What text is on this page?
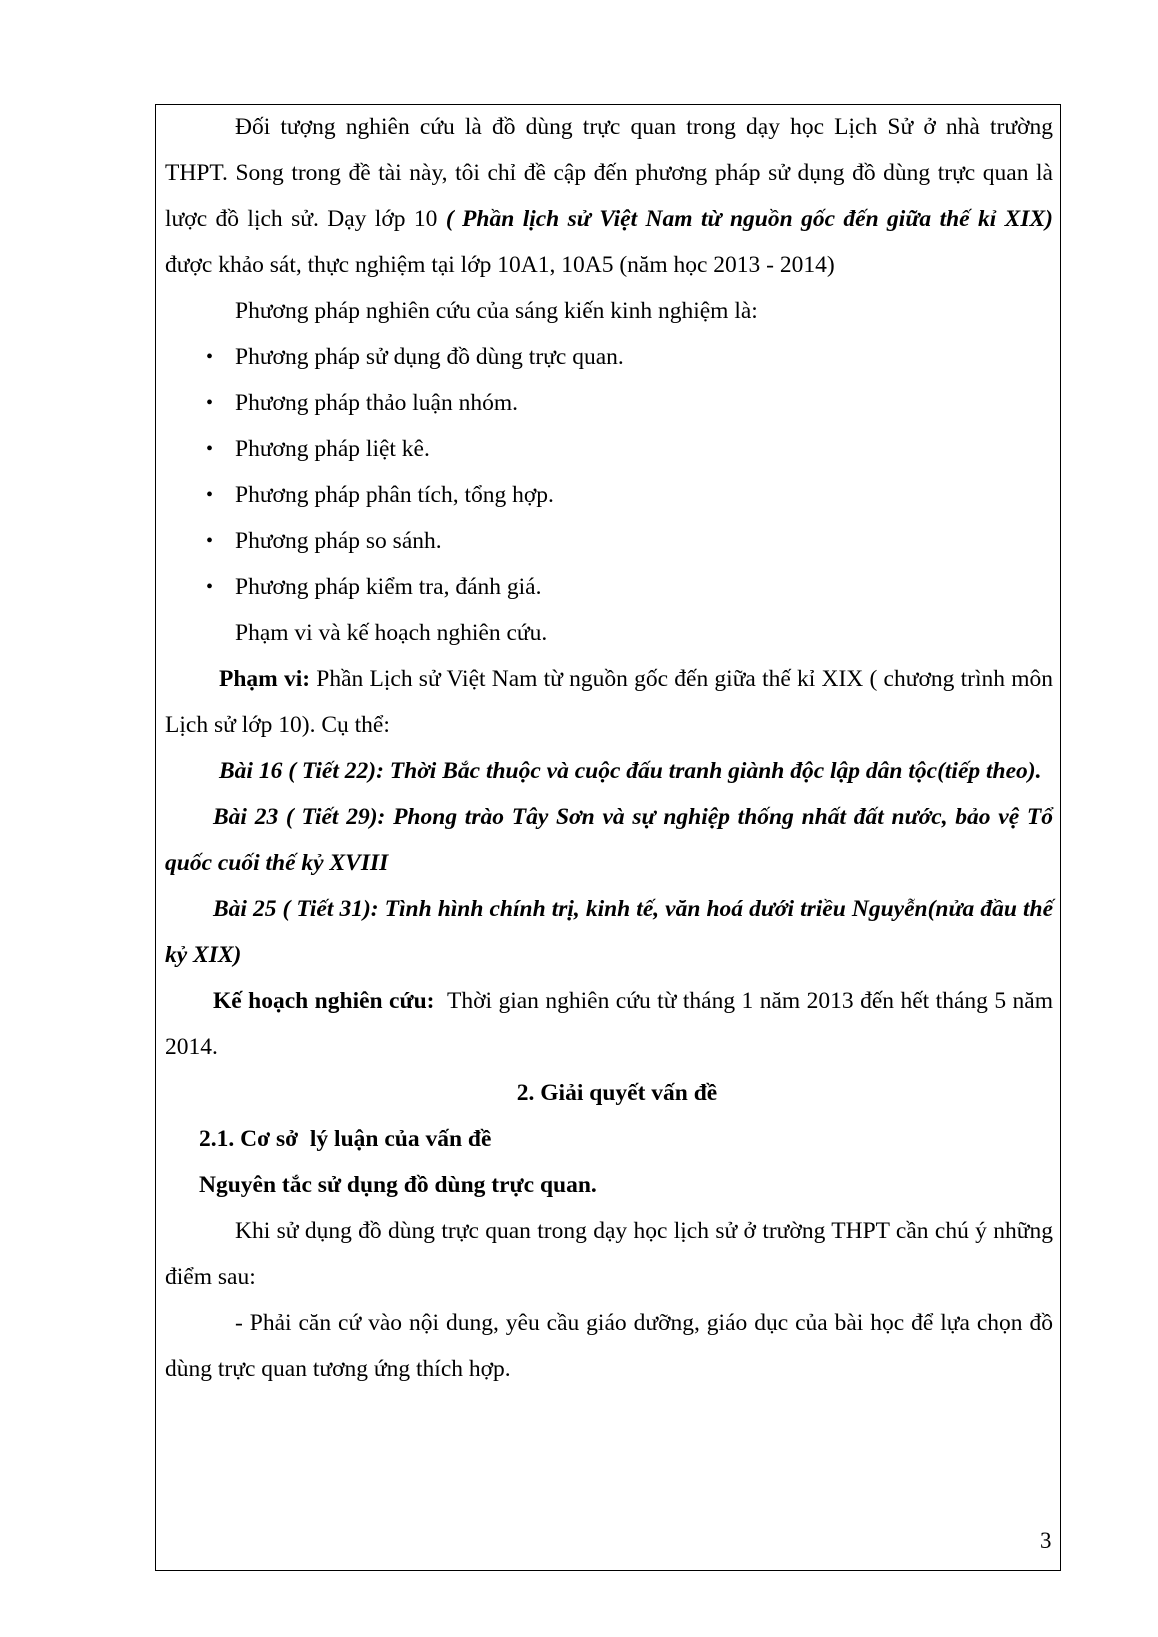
Đối tượng nghiên cứu là đồ dùng trực quan trong dạy học Lịch Sử ở nhà trường THPT. Song trong đề tài này, tôi chỉ đề cập đến phương pháp sử dụng đồ dùng trực quan là lược đồ lịch sử. Dạy lớp 10 ( Phần lịch sử Việt Nam từ nguồn gốc đến giữa thế kỉ XIX) được khảo sát, thực nghiệm tại lớp 10A1, 10A5 (năm học 2013 - 2014)

Phương pháp nghiên cứu của sáng kiến kinh nghiệm là:

• Phương pháp sử dụng đồ dùng trực quan.
• Phương pháp thảo luận nhóm.
• Phương pháp liệt kê.
• Phương pháp phân tích, tổng hợp.
• Phương pháp so sánh.
• Phương pháp kiểm tra, đánh giá.

Phạm vi và kế hoạch nghiên cứu.

Phạm vi: Phần Lịch sử Việt Nam từ nguồn gốc đến giữa thế kỉ XIX ( chương trình môn Lịch sử lớp 10). Cụ thể:

Bài 16 ( Tiết 22): Thời Bắc thuộc và cuộc đấu tranh giành độc lập dân tộc(tiếp theo).

Bài 23 ( Tiết 29): Phong trào Tây Sơn và sự nghiệp thống nhất đất nước, bảo vệ Tổ quốc cuối thế kỷ XVIII

Bài 25 ( Tiết 31): Tình hình chính trị, kinh tế, văn hoá dưới triều Nguyễn(nửa đầu thế kỷ XIX)

Kế hoạch nghiên cứu:  Thời gian nghiên cứu từ tháng 1 năm 2013 đến hết tháng 5 năm 2014.

2. Giải quyết vấn đề

2.1. Cơ sở  lý luận của vấn đề

Nguyên tắc sử dụng đồ dùng trực quan.

Khi sử dụng đồ dùng trực quan trong dạy học lịch sử ở trường THPT cần chú ý những điểm sau:

- Phải căn cứ vào nội dung, yêu cầu giáo dưỡng, giáo dục của bài học để lựa chọn đồ dùng trực quan tương ứng thích hợp.

3
